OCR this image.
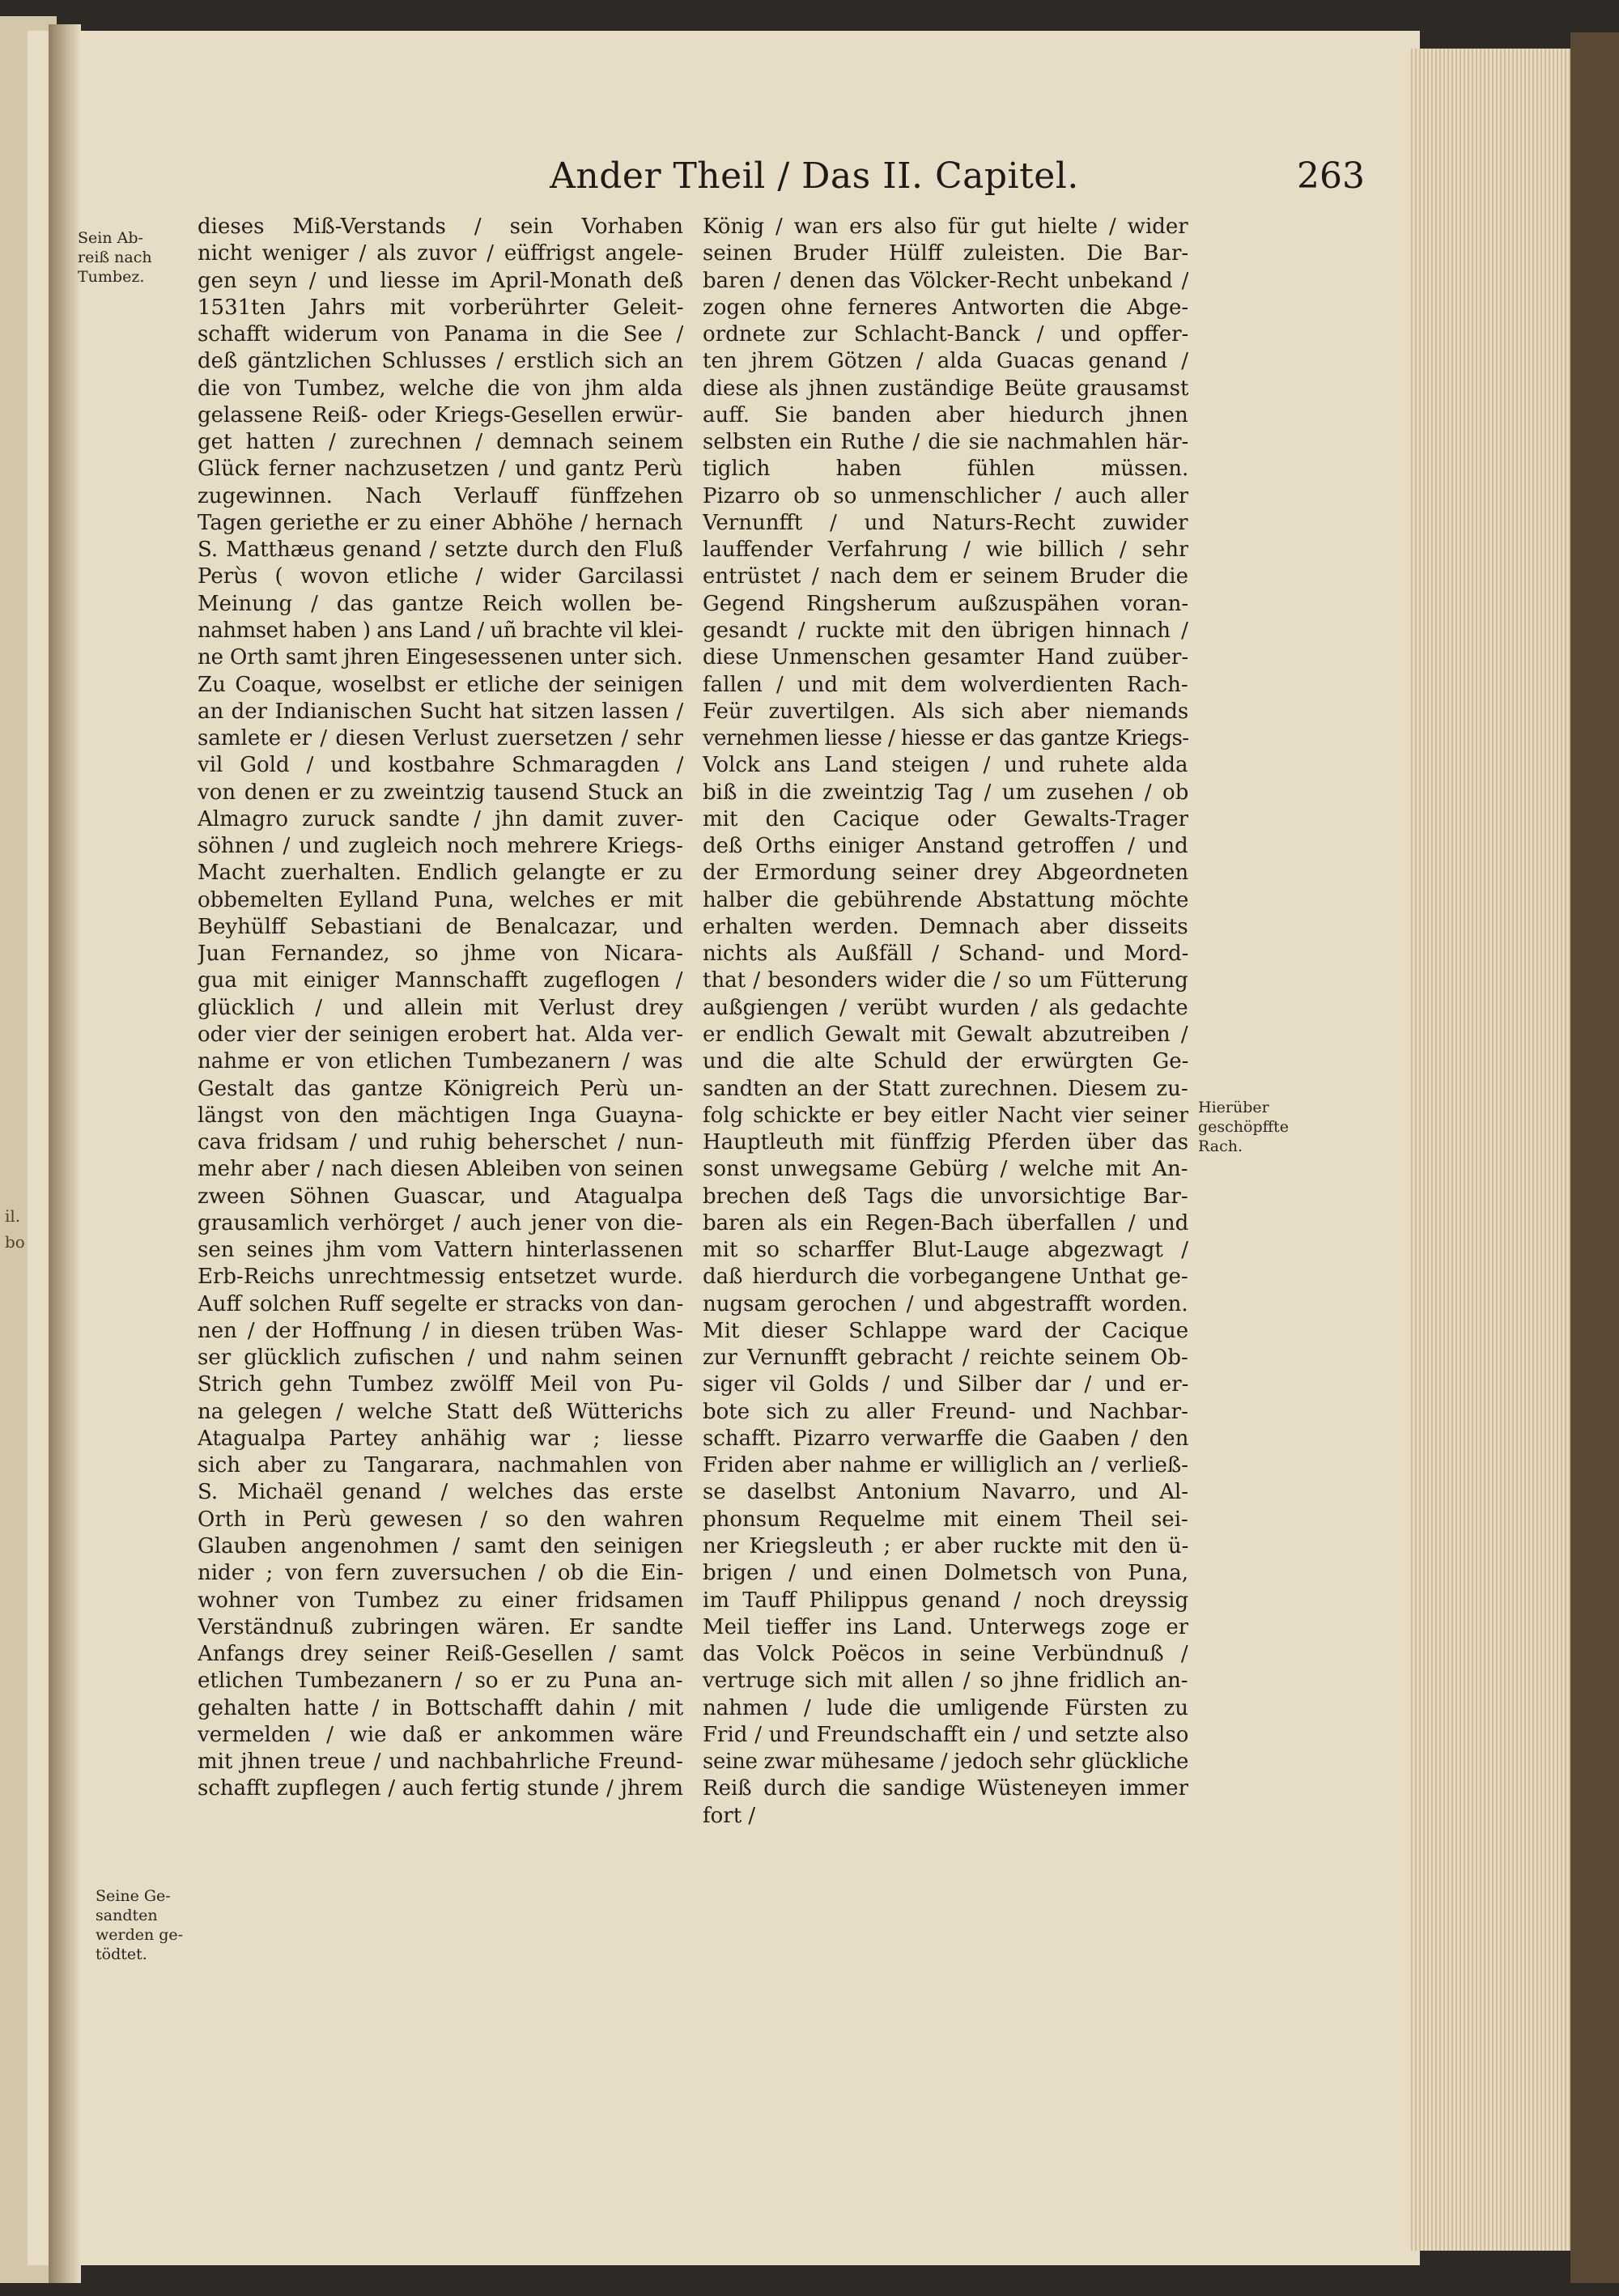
il.
bo
Ander Theil / Das II. Capitel.	263
Sein Ab-
reiß nach
Tumbez.
Seine Ge-
sandten
werden ge-
tödtet.
Hierüber
geschöpffte
Rach.
dieses Miß-Verstands / sein Vorhaben
nicht weniger / als zuvor / eüffrigst angele-
gen seyn / und liesse im April-Monath deß
1531ten Jahrs mit vorberührter Geleit-
schafft widerum von Panama in die See /
deß gäntzlichen Schlusses / erstlich sich an
die von Tumbez, welche die von jhm alda
gelassene Reiß- oder Kriegs-Gesellen erwür-
get hatten / zurechnen / demnach seinem
Glück ferner nachzusetzen / und gantz Perù
zugewinnen. Nach Verlauff fünffzehen
Tagen geriethe er zu einer Abhöhe / hernach
S. Matthæus genand / setzte durch den Fluß
Perùs ( wovon etliche / wider Garcilassi
Meinung / das gantze Reich wollen be-
nahmset haben ) ans Land / uñ brachte vil klei-
ne Orth samt jhren Eingesessenen unter sich.
Zu Coaque, woselbst er etliche der seinigen
an der Indianischen Sucht hat sitzen lassen /
samlete er / diesen Verlust zuersetzen / sehr
vil Gold / und kostbahre Schmaragden /
von denen er zu zweintzig tausend Stuck an
Almagro zuruck sandte / jhn damit zuver-
söhnen / und zugleich noch mehrere Kriegs-
Macht zuerhalten. Endlich gelangte er zu
obbemelten Eylland Puna, welches er mit
Beyhülff Sebastiani de Benalcazar, und
Juan Fernandez, so jhme von Nicara-
gua mit einiger Mannschafft zugeflogen /
glücklich / und allein mit Verlust drey
oder vier der seinigen erobert hat. Alda ver-
nahme er von etlichen Tumbezanern / was
Gestalt das gantze Königreich Perù un-
längst von den mächtigen Inga Guayna-
cava fridsam / und ruhig beherschet / nun-
mehr aber / nach diesen Ableiben von seinen
zween Söhnen Guascar, und Atagualpa
grausamlich verhörget / auch jener von die-
sen seines jhm vom Vattern hinterlassenen
Erb-Reichs unrechtmessig entsetzet wurde.
Auff solchen Ruff segelte er stracks von dan-
nen / der Hoffnung / in diesen trüben Was-
ser glücklich zufischen / und nahm seinen
Strich gehn Tumbez zwölff Meil von Pu-
na gelegen / welche Statt deß Wütterichs
Atagualpa Partey anhähig war ; liesse
sich aber zu Tangarara, nachmahlen von
S. Michaël genand / welches das erste
Orth in Perù gewesen / so den wahren
Glauben angenohmen / samt den seinigen
nider ; von fern zuversuchen / ob die Ein-
wohner von Tumbez zu einer fridsamen
Verständnuß zubringen wären. Er sandte
Anfangs drey seiner Reiß-Gesellen / samt
etlichen Tumbezanern / so er zu Puna an-
gehalten hatte / in Bottschafft dahin / mit
vermelden / wie daß er ankommen wäre
mit jhnen treue / und nachbahrliche Freund-
schafft zupflegen / auch fertig stunde / jhrem
König / wan ers also für gut hielte / wider
seinen Bruder Hülff zuleisten. Die Bar-
baren / denen das Völcker-Recht unbekand /
zogen ohne ferneres Antworten die Abge-
ordnete zur Schlacht-Banck / und opffer-
ten jhrem Götzen / alda Guacas genand /
diese als jhnen zuständige Beüte grausamst
auff. Sie banden aber hiedurch jhnen
selbsten ein Ruthe / die sie nachmahlen här-
tiglich haben fühlen müssen.
Pizarro ob so unmenschlicher / auch aller
Vernunfft / und Naturs-Recht zuwider
lauffender Verfahrung / wie billich / sehr
entrüstet / nach dem er seinem Bruder die
Gegend Ringsherum außzuspähen voran-
gesandt / ruckte mit den übrigen hinnach /
diese Unmenschen gesamter Hand zuüber-
fallen / und mit dem wolverdienten Rach-
Feür zuvertilgen. Als sich aber niemands
vernehmen liesse / hiesse er das gantze Kriegs-
Volck ans Land steigen / und ruhete alda
biß in die zweintzig Tag / um zusehen / ob
mit den Cacique oder Gewalts-Trager
deß Orths einiger Anstand getroffen / und
der Ermordung seiner drey Abgeordneten
halber die gebührende Abstattung möchte
erhalten werden. Demnach aber disseits
nichts als Außfäll / Schand- und Mord-
that / besonders wider die / so um Fütterung
außgiengen / verübt wurden / als gedachte
er endlich Gewalt mit Gewalt abzutreiben /
und die alte Schuld der erwürgten Ge-
sandten an der Statt zurechnen. Diesem zu-
folg schickte er bey eitler Nacht vier seiner
Hauptleuth mit fünffzig Pferden über das
sonst unwegsame Gebürg / welche mit An-
brechen deß Tags die unvorsichtige Bar-
baren als ein Regen-Bach überfallen / und
mit so scharffer Blut-Lauge abgezwagt /
daß hierdurch die vorbegangene Unthat ge-
nugsam gerochen / und abgestrafft worden.
Mit dieser Schlappe ward der Cacique
zur Vernunfft gebracht / reichte seinem Ob-
siger vil Golds / und Silber dar / und er-
bote sich zu aller Freund- und Nachbar-
schafft. Pizarro verwarffe die Gaaben / den
Friden aber nahme er williglich an / verließ-
se daselbst Antonium Navarro, und Al-
phonsum Requelme mit einem Theil sei-
ner Kriegsleuth ; er aber ruckte mit den ü-
brigen / und einen Dolmetsch von Puna,
im Tauff Philippus genand / noch dreyssig
Meil tieffer ins Land. Unterwegs zoge er
das Volck Poëcos in seine Verbündnuß /
vertruge sich mit allen / so jhne fridlich an-
nahmen / lude die umligende Fürsten zu
Frid / und Freundschafft ein / und setzte also
seine zwar mühesame / jedoch sehr glückliche
Reiß durch die sandige Wüsteneyen immer
fort /
